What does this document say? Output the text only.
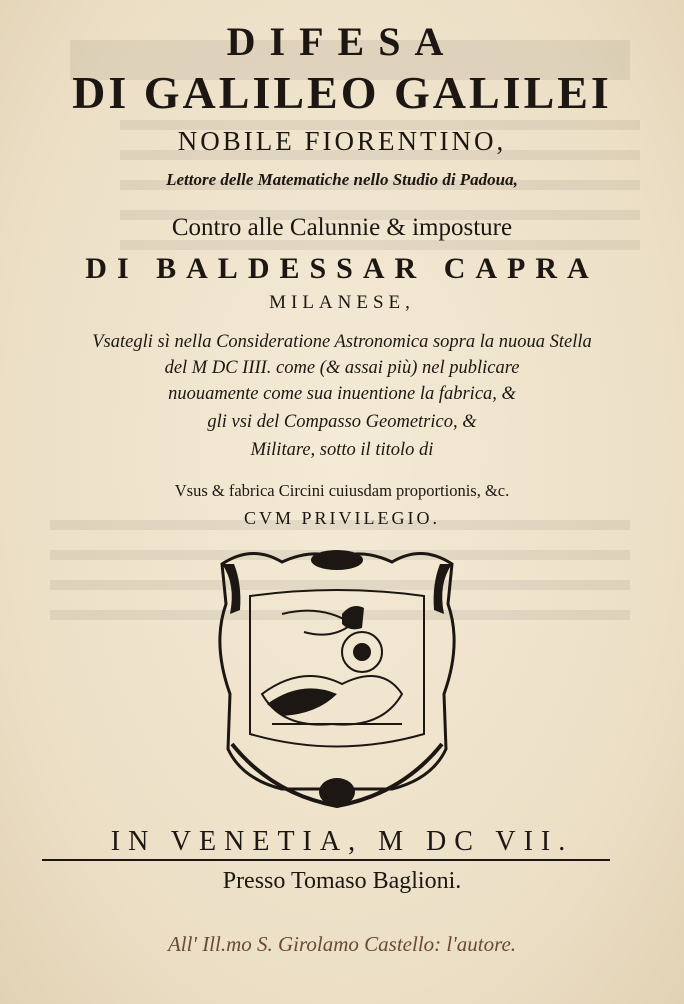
DIFESA
DI GALILEO GALILEI
NOBILE FIORENTINO,
Lettore delle Matematiche nello Studio di Padoua,
Contro alle Calunnie & imposture
DI BALDESSAR CAPRA
MILANESE,
Vsategli sì nella Consideratione Astronomica sopra la nuoua Stella
del M DC IIII. come (& assai più) nel publicare
nuouamente come sua inuentione la fabrica, &
gli vsi del Compasso Geometrico, &
Militare, sotto il titolo di
Vsus & fabrica Circini cuiusdam proportionis, &c.
CVM PRIVILEGIO.
IN VENETIA, M DC VII.
Presso Tomaso Baglioni.
All' Ill.mo S. Girolamo Castello: l'autore.
